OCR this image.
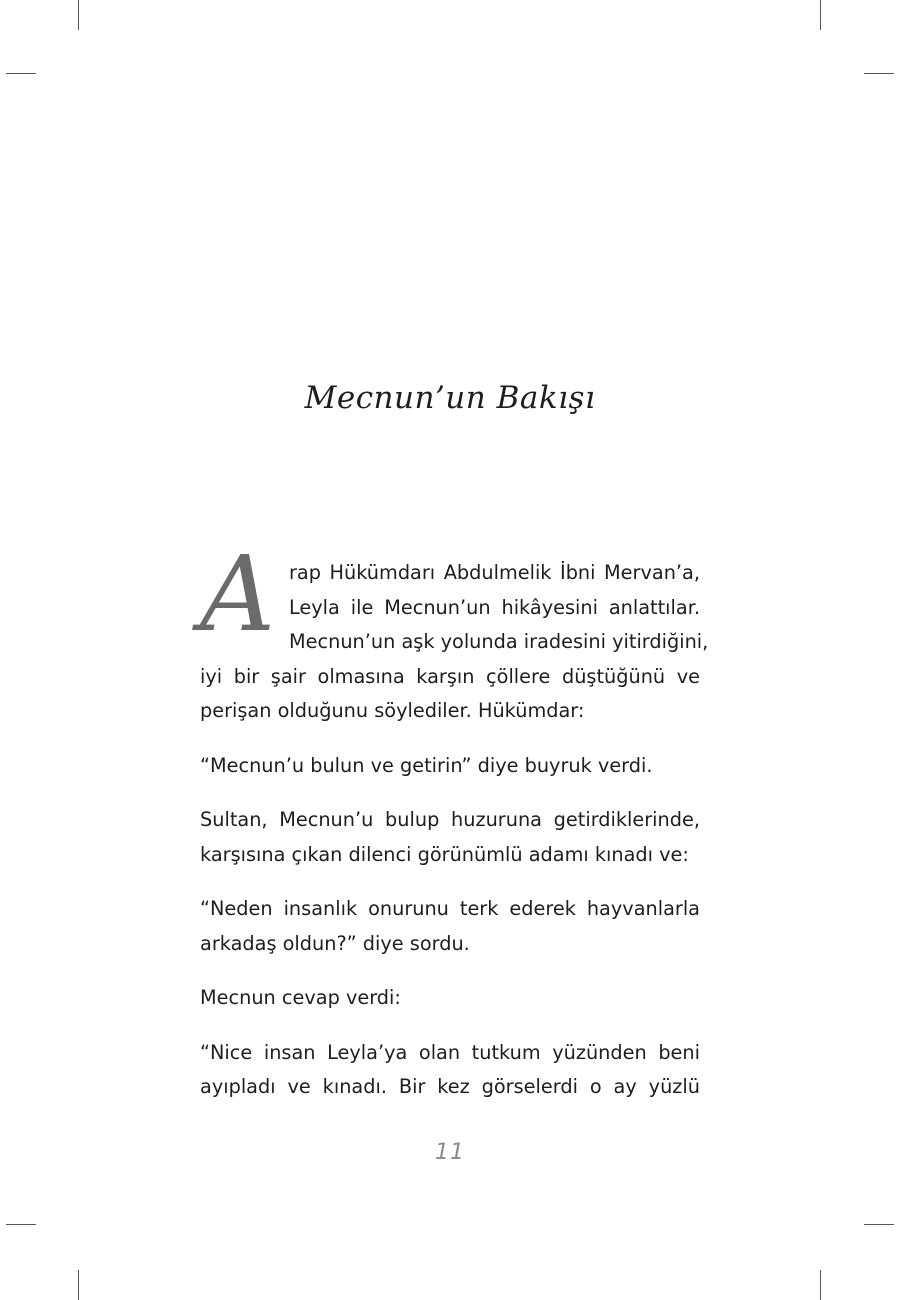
Mecnun’un Bakışı
A rap Hükümdarı Abdulmelik İbni Mervan’a,
Leyla ile Mecnun’un hikâyesini anlattılar.
Mecnun’un aşk yolunda iradesini yitirdiğini,
iyi bir şair olmasına karşın çöllere düştüğünü ve perişan olduğunu söylediler. Hükümdar:

“Mecnun’u bulun ve getirin” diye buyruk verdi.

Sultan, Mecnun’u bulup huzuruna getirdiklerinde, karşısına çıkan dilenci görünümlü adamı kınadı ve:

“Neden insanlık onurunu terk ederek hayvanlarla arkadaş oldun?” diye sordu.

Mecnun cevap verdi:

“Nice insan Leyla’ya olan tutkum yüzünden beni ayıpladı ve kınadı. Bir kez görselerdi o ay yüzlü

11
